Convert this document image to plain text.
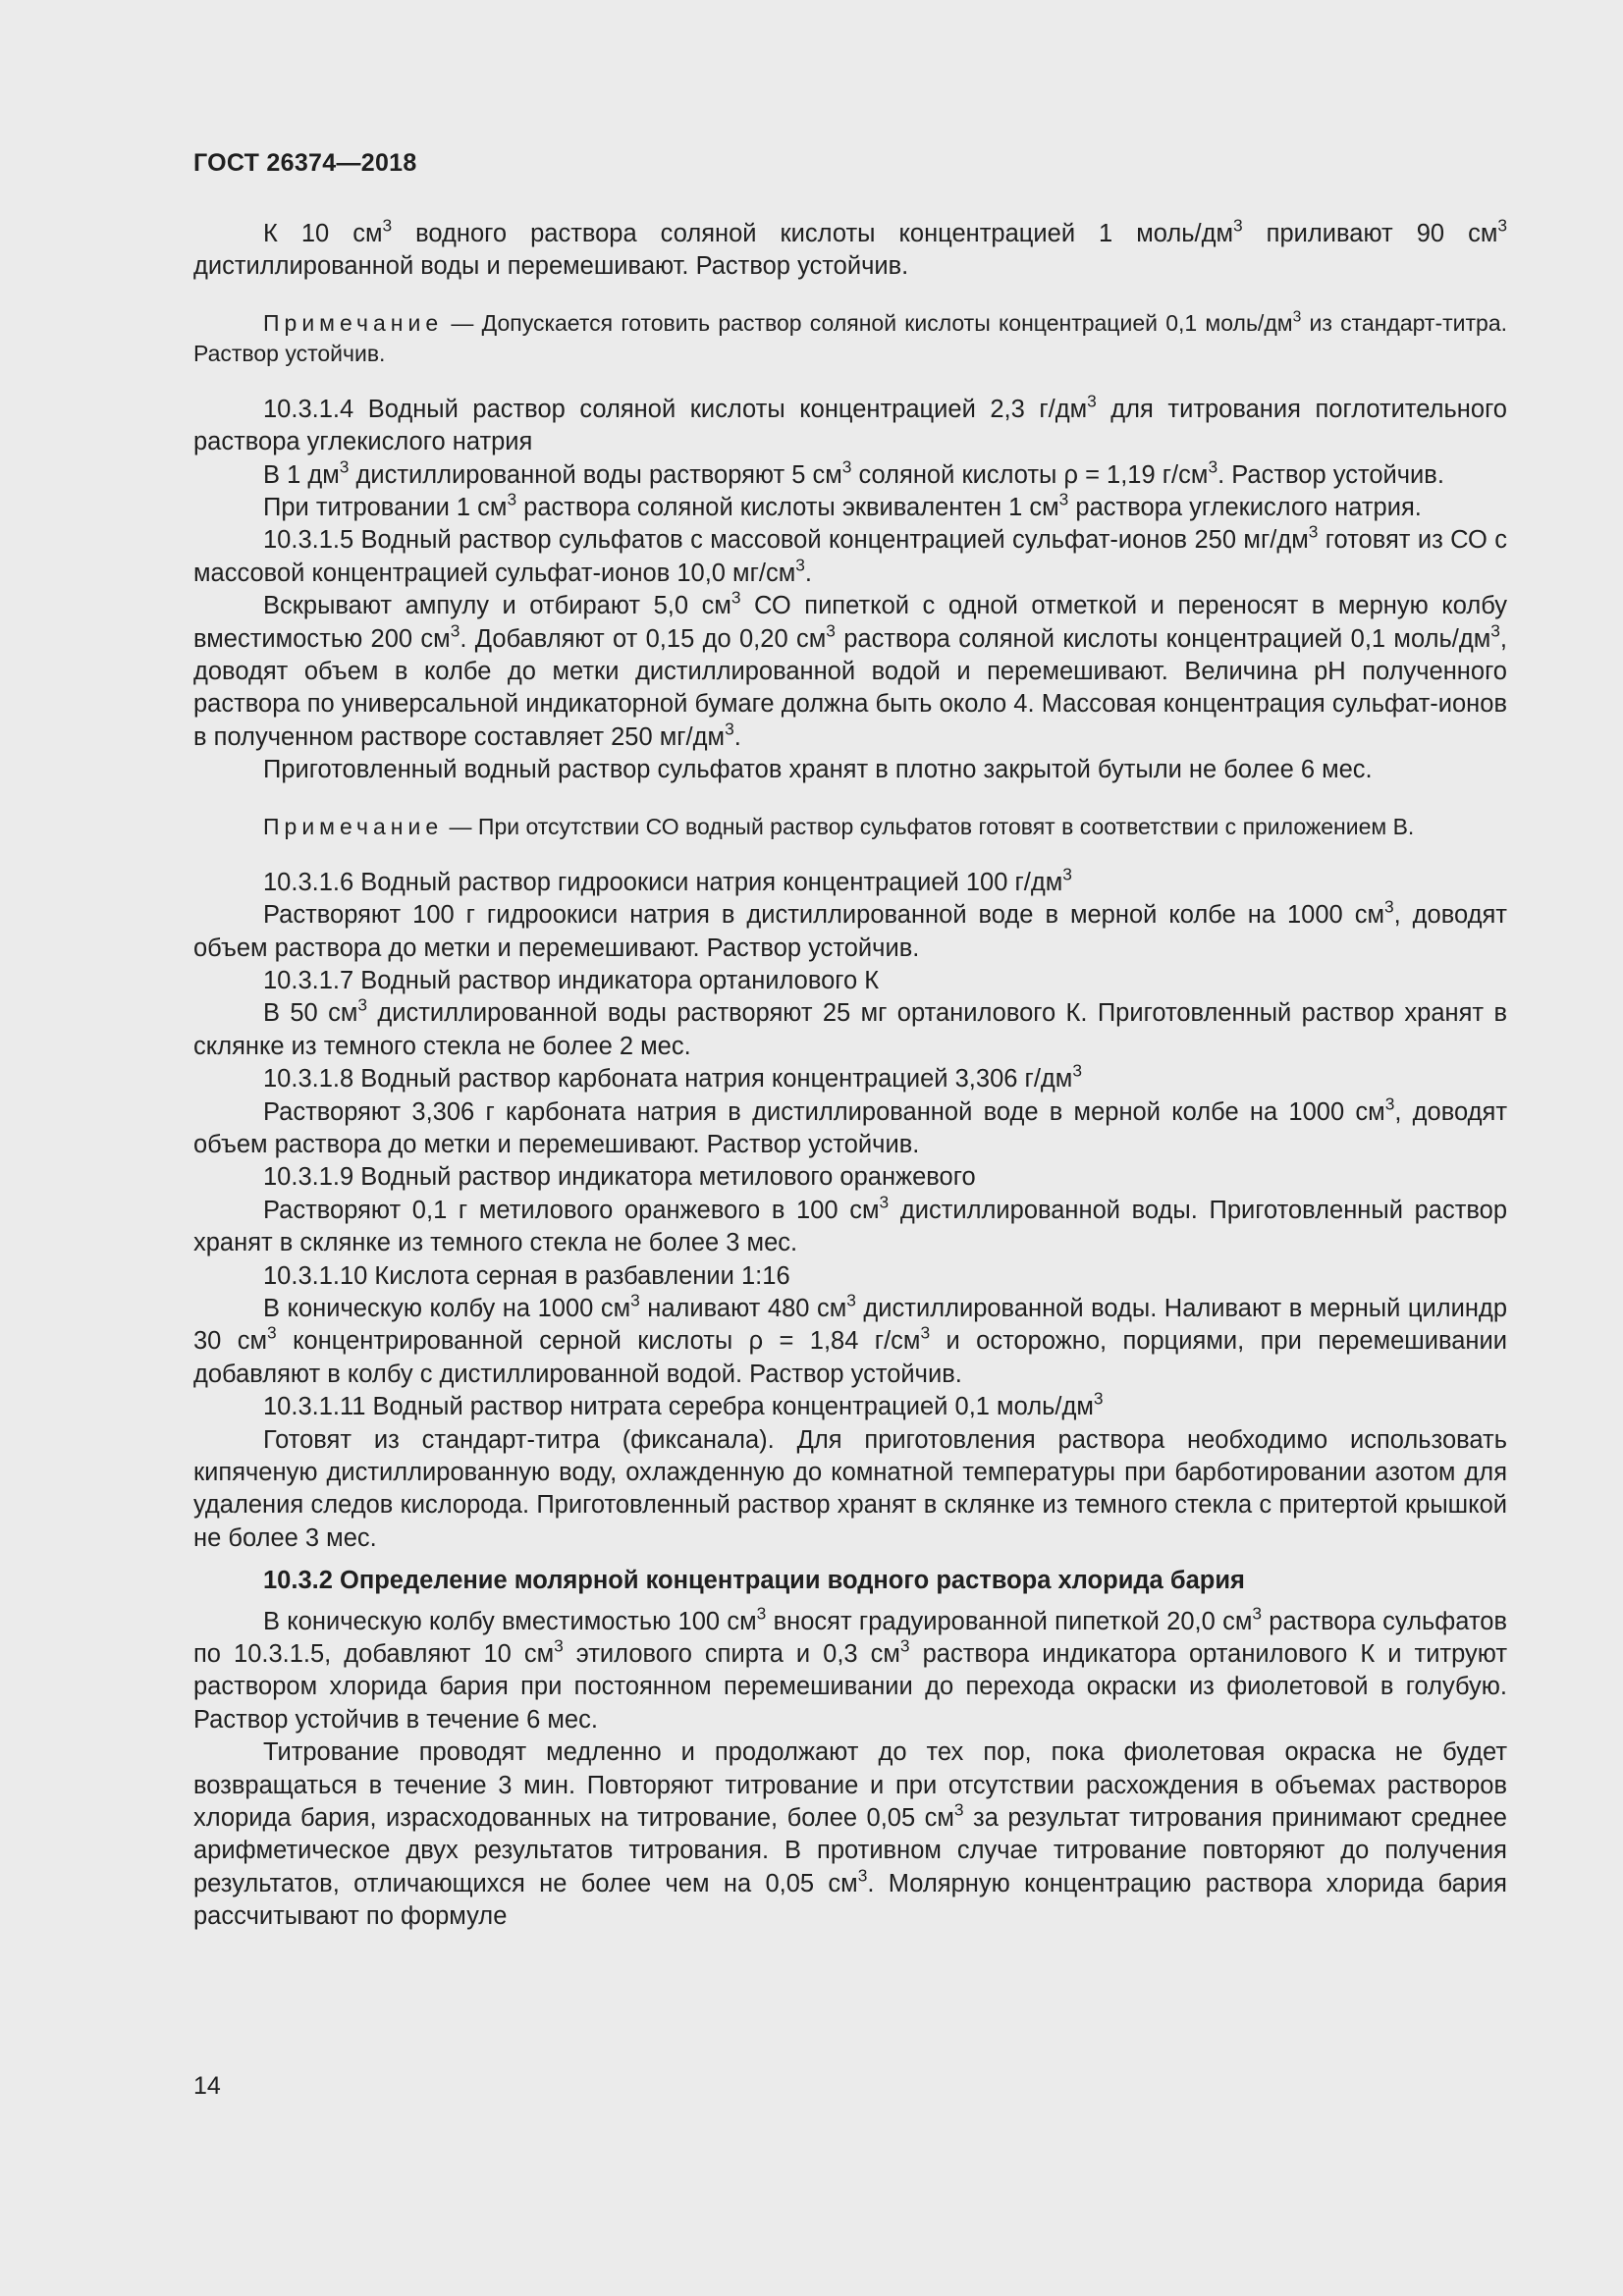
ГОСТ 26374—2018

К 10 $см^3$ водного раствора соляной кислоты концентрацией 1 моль/$дм^3$ приливают 90 $см^3$ дистиллированной воды и перемешивают. Раствор устойчив.

Примечание — Допускается готовить раствор соляной кислоты концентрацией 0,1 моль/$дм^3$ из стандарт-титра. Раствор устойчив.

10.3.1.4 Водный раствор соляной кислоты концентрацией 2,3 $г/дм^3$ для титрования поглотительного раствора углекислого натрия

В 1 $дм^3$ дистиллированной воды растворяют 5 $см^3$ соляной кислоты ρ = 1,19 $г/см^3$. Раствор устойчив.

При титровании 1 $см^3$ раствора соляной кислоты эквивалентен 1 $см^3$ раствора углекислого натрия.

10.3.1.5 Водный раствор сульфатов с массовой концентрацией сульфат-ионов 250 $мг/дм^3$ готовят из СО с массовой концентрацией сульфат-ионов 10,0 $мг/см^3$.

Вскрывают ампулу и отбирают 5,0 $см^3$ СО пипеткой с одной отметкой и переносят в мерную колбу вместимостью 200 $см^3$. Добавляют от 0,15 до 0,20 $см^3$ раствора соляной кислоты концентрацией 0,1 моль/$дм^3$, доводят объем в колбе до метки дистиллированной водой и перемешивают. Величина рН полученного раствора по универсальной индикаторной бумаге должна быть около 4. Массовая концентрация сульфат-ионов в полученном растворе составляет 250 $мг/дм^3$.

Приготовленный водный раствор сульфатов хранят в плотно закрытой бутыли не более 6 мес.

Примечание — При отсутствии СО водный раствор сульфатов готовят в соответствии с приложением В.

10.3.1.6 Водный раствор гидроокиси натрия концентрацией 100 $г/дм^3$

Растворяют 100 г гидроокиси натрия в дистиллированной воде в мерной колбе на 1000 $см^3$, доводят объем раствора до метки и перемешивают. Раствор устойчив.

10.3.1.7 Водный раствор индикатора ортанилового К

В 50 $см^3$ дистиллированной воды растворяют 25 мг ортанилового К. Приготовленный раствор хранят в склянке из темного стекла не более 2 мес.

10.3.1.8 Водный раствор карбоната натрия концентрацией 3,306 $г/дм^3$

Растворяют 3,306 г карбоната натрия в дистиллированной воде в мерной колбе на 1000 $см^3$, доводят объем раствора до метки и перемешивают. Раствор устойчив.

10.3.1.9 Водный раствор индикатора метилового оранжевого

Растворяют 0,1 г метилового оранжевого в 100 $см^3$ дистиллированной воды. Приготовленный раствор хранят в склянке из темного стекла не более 3 мес.

10.3.1.10 Кислота серная в разбавлении 1:16

В коническую колбу на 1000 $см^3$ наливают 480 $см^3$ дистиллированной воды. Наливают в мерный цилиндр 30 $см^3$ концентрированной серной кислоты ρ = 1,84 $г/см^3$ и осторожно, порциями, при перемешивании добавляют в колбу с дистиллированной водой. Раствор устойчив.

10.3.1.11 Водный раствор нитрата серебра концентрацией 0,1 моль/$дм^3$

Готовят из стандарт-титра (фиксанала). Для приготовления раствора необходимо использовать кипяченую дистиллированную воду, охлажденную до комнатной температуры при барботировании азотом для удаления следов кислорода. Приготовленный раствор хранят в склянке из темного стекла с притертой крышкой не более 3 мес.

10.3.2 Определение молярной концентрации водного раствора хлорида бария

В коническую колбу вместимостью 100 $см^3$ вносят градуированной пипеткой 20,0 $см^3$ раствора сульфатов по 10.3.1.5, добавляют 10 $см^3$ этилового спирта и 0,3 $см^3$ раствора индикатора ортанилового К и титруют раствором хлорида бария при постоянном перемешивании до перехода окраски из фиолетовой в голубую. Раствор устойчив в течение 6 мес.

Титрование проводят медленно и продолжают до тех пор, пока фиолетовая окраска не будет возвращаться в течение 3 мин. Повторяют титрование и при отсутствии расхождения в объемах растворов хлорида бария, израсходованных на титрование, более 0,05 $см^3$ за результат титрования принимают среднее арифметическое двух результатов титрования. В противном случае титрование повторяют до получения результатов, отличающихся не более чем на 0,05 $см^3$. Молярную концентрацию раствора хлорида бария рассчитывают по формуле

14
